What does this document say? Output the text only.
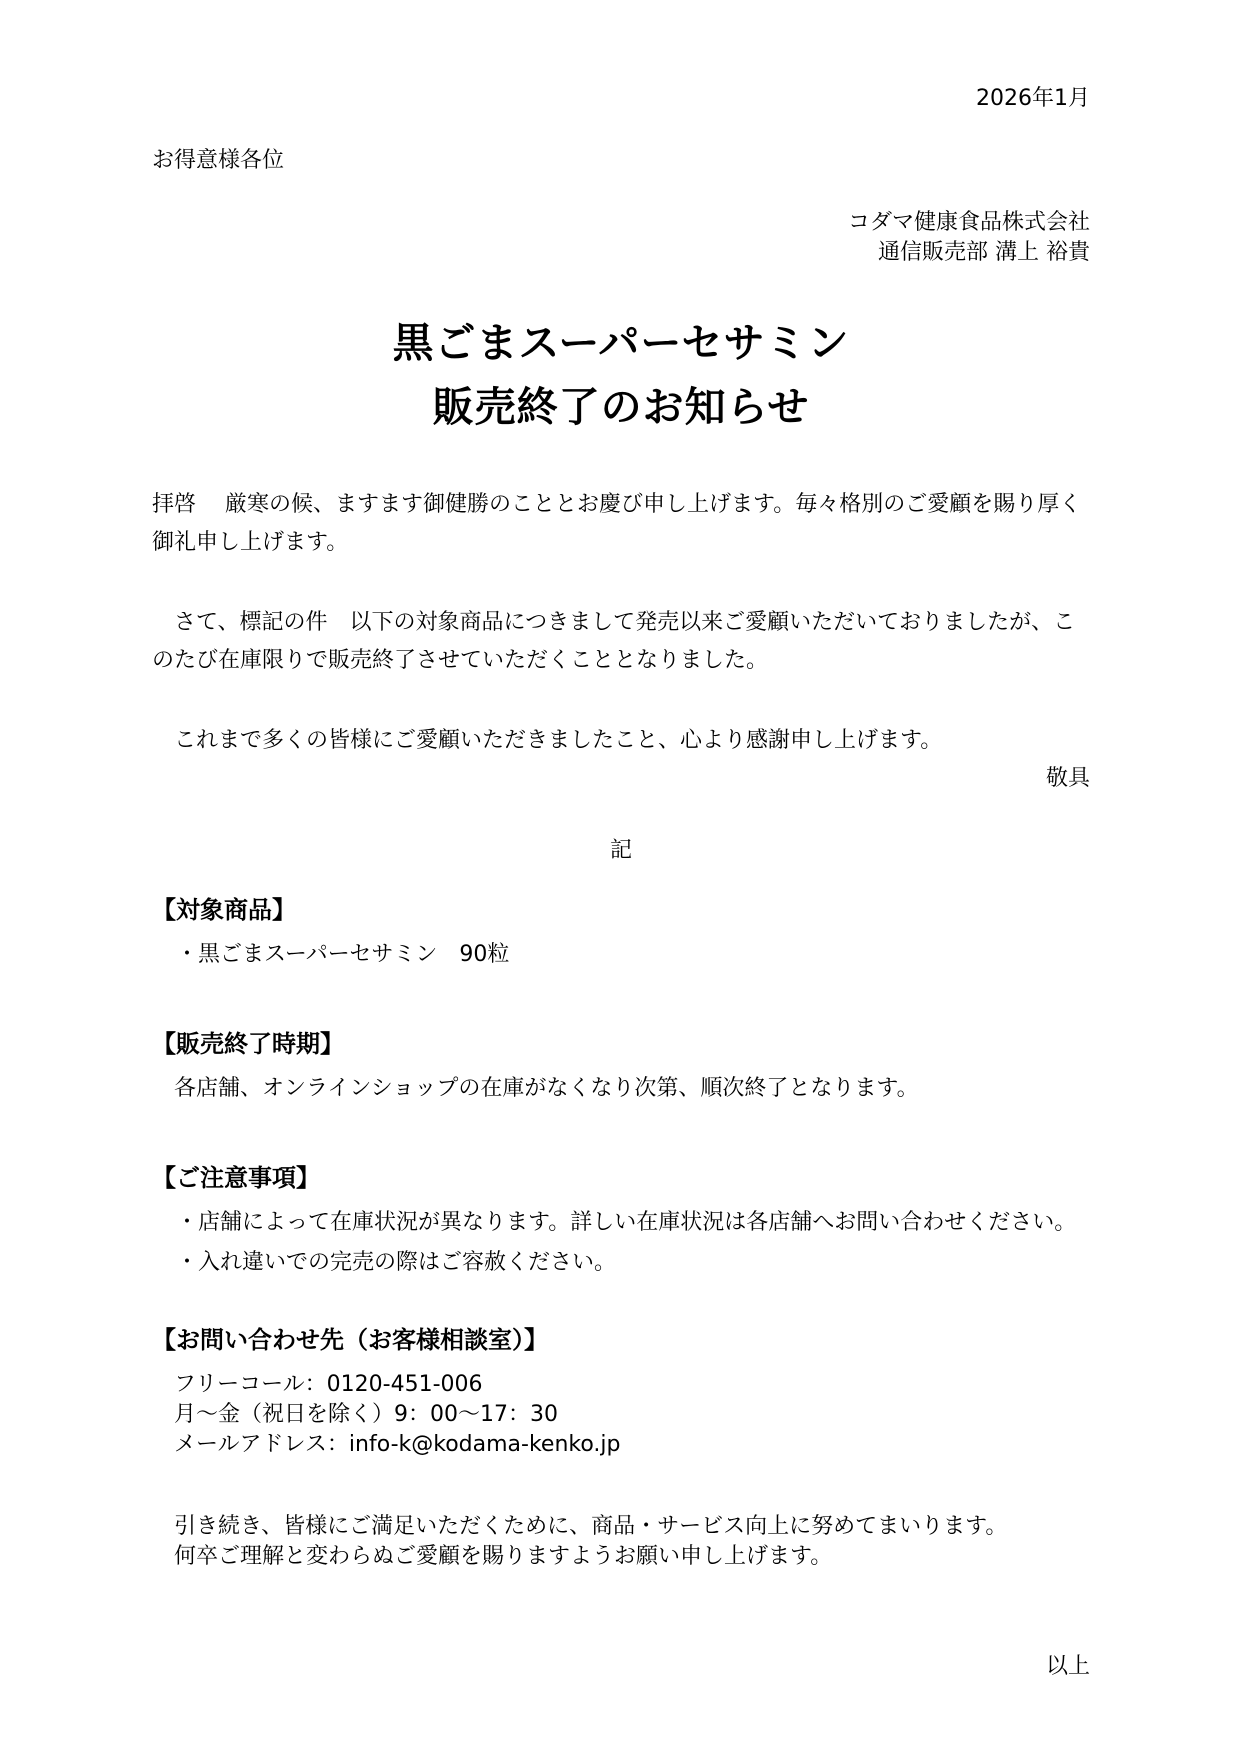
2026年1月
お得意様各位
コダマ健康食品株式会社
通信販売部 溝上 裕貴
黒ごまスーパーセサミン
販売終了のお知らせ
拝啓　 厳寒の候、ますます御健勝のこととお慶び申し上げます。毎々格別のご愛顧を賜り厚く御礼申し上げます。
　さて、標記の件　以下の対象商品につきまして発売以来ご愛顧いただいておりましたが、このたび在庫限りで販売終了させていただくこととなりました。
　これまで多くの皆様にご愛顧いただきましたこと、心より感謝申し上げます。
敬具
記
【対象商品】
・黒ごまスーパーセサミン　90粒
【販売終了時期】
各店舗、オンラインショップの在庫がなくなり次第、順次終了となります。
【ご注意事項】
・店舗によって在庫状況が異なります。詳しい在庫状況は各店舗へお問い合わせください。
・入れ違いでの完売の際はご容赦ください。
【お問い合わせ先（お客様相談室）】
フリーコール：0120-451-006
月～金（祝日を除く）9：00～17：30
メールアドレス：info-k@kodama-kenko.jp
引き続き、皆様にご満足いただくために、商品・サービス向上に努めてまいります。
何卒ご理解と変わらぬご愛顧を賜りますようお願い申し上げます。
以上
